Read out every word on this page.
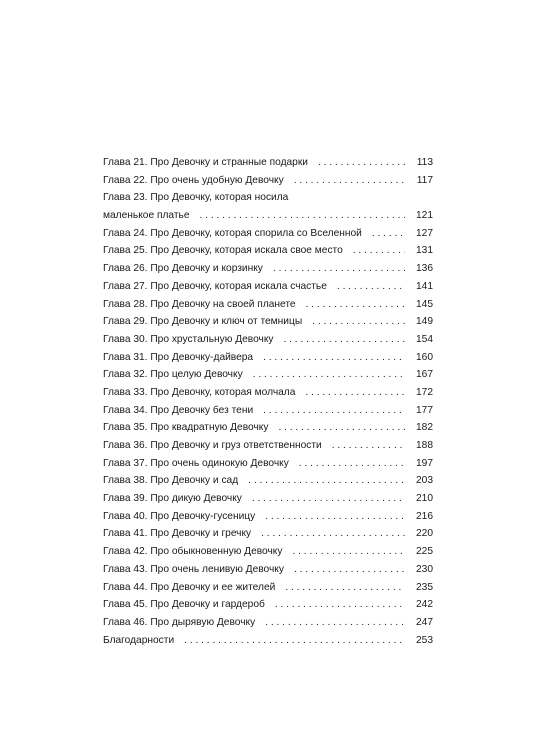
Глава 21. Про Девочку и странные подарки . . .	113
Глава 22. Про очень удобную Девочку . . .	117
Глава 23. Про Девочку, которая носила
маленькое платье . . .	121
Глава 24. Про Девочку, которая спорила со Вселенной . . .	127
Глава 25. Про Девочку, которая искала свое место . . .	131
Глава 26. Про Девочку и корзинку . . .	136
Глава 27. Про Девочку, которая искала счастье . . .	141
Глава 28. Про Девочку на своей планете . . .	145
Глава 29. Про Девочку и ключ от темницы . . .	149
Глава 30. Про хрустальную Девочку . . .	154
Глава 31. Про Девочку-дайвера . . .	160
Глава 32. Про целую Девочку . . .	167
Глава 33. Про Девочку, которая молчала . . .	172
Глава 34. Про Девочку без тени . . .	177
Глава 35. Про квадратную Девочку . . .	182
Глава 36. Про Девочку и груз ответственности . . .	188
Глава 37. Про очень одинокую Девочку . . .	197
Глава 38. Про Девочку и сад . . .	203
Глава 39. Про дикую Девочку . . .	210
Глава 40. Про Девочку-гусеницу . . .	216
Глава 41. Про Девочку и гречку . . .	220
Глава 42. Про обыкновенную Девочку . . .	225
Глава 43. Про очень ленивую Девочку . . .	230
Глава 44. Про Девочку и ее жителей . . .	235
Глава 45. Про Девочку и гардероб . . .	242
Глава 46. Про дырявую Девочку . . .	247
Благодарности . . .	253
